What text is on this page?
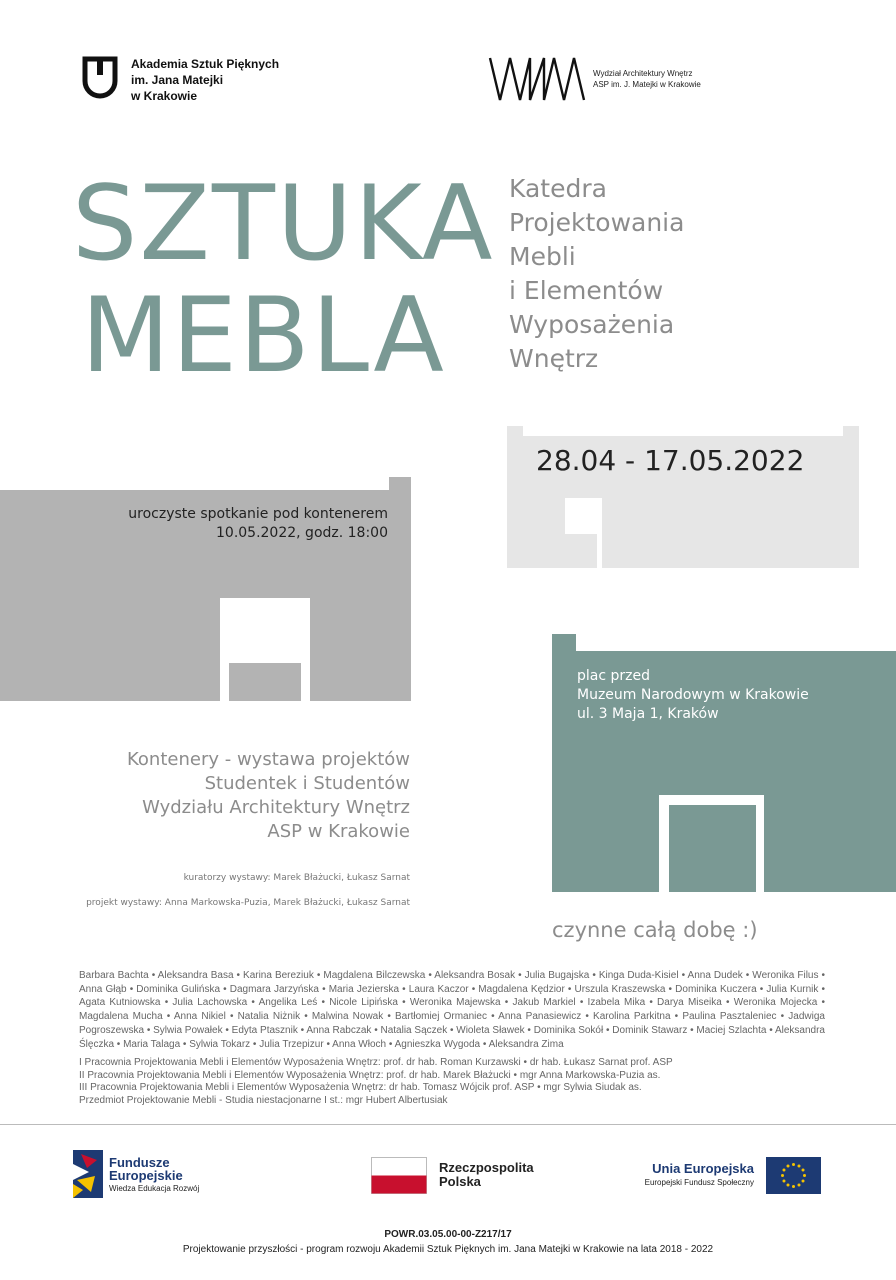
Akademia Sztuk Pięknych
im. Jana Matejki
w Krakowie
Wydział Architektury Wnętrz
ASP im. J. Matejki w Krakowie
SZTUKA
MEBLA
Katedra
Projektowania
Mebli
i Elementów
Wyposażenia
Wnętrz
28.04 - 17.05.2022
uroczyste spotkanie pod kontenerem
10.05.2022, godz. 18:00
plac przed
Muzeum Narodowym w Krakowie
ul. 3 Maja 1, Kraków
Kontenery - wystawa projektów
Studentek i Studentów
Wydziału Architektury Wnętrz
ASP w Krakowie
kuratorzy wystawy: Marek Błażucki, Łukasz Sarnat
projekt wystawy: Anna Markowska-Puzia, Marek Błażucki, Łukasz Sarnat
czynne całą dobę :)
Barbara Bachta • Aleksandra Basa • Karina Bereziuk • Magdalena Bilczewska • Aleksandra Bosak • Julia Bugajska • Kinga Duda-Kisiel • Anna Dudek • Weronika Filus • Anna Głąb • Dominika Gulińska • Dagmara Jarzyńska • Maria Jezierska • Laura Kaczor • Magdalena Kędzior • Urszula Kraszewska • Dominika Kuczera • Julia Kurnik • Agata Kutniowska • Julia Lachowska • Angelika Leś • Nicole Lipińska • Weronika Majewska • Jakub Markiel • Izabela Mika • Darya Miseika • Weronika Mojecka • Magdalena Mucha • Anna Nikiel • Natalia Niżnik • Malwina Nowak • Bartłomiej Ormaniec • Anna Panasiewicz • Karolina Parkitna • Paulina Pasztaleniec • Jadwiga Pogroszewska • Sylwia Powałek • Edyta Ptasznik • Anna Rabczak • Natalia Sączek • Wioleta Sławek • Dominika Sokół • Dominik Stawarz • Maciej Szlachta • Aleksandra Ślęczka • Maria Talaga • Sylwia Tokarz • Julia Trzepizur • Anna Włoch • Agnieszka Wygoda • Aleksandra Zima
I Pracownia Projektowania Mebli i Elementów Wyposażenia Wnętrz: prof. dr hab. Roman Kurzawski • dr hab. Łukasz Sarnat prof. ASP
II Pracownia Projektowania Mebli i Elementów Wyposażenia Wnętrz: prof. dr hab. Marek Błażucki • mgr Anna Markowska-Puzia as.
III Pracownia Projektowania Mebli i Elementów Wyposażenia Wnętrz: dr hab. Tomasz Wójcik prof. ASP • mgr Sylwia Siudak as.
Przedmiot Projektowanie Mebli - Studia niestacjonarne I st.: mgr Hubert Albertusiak
Fundusze
Europejskie
Wiedza Edukacja Rozwój
Rzeczpospolita
Polska
Unia Europejska
Europejski Fundusz Społeczny
POWR.03.05.00-00-Z217/17
Projektowanie przyszłości - program rozwoju Akademii Sztuk Pięknych im. Jana Matejki w Krakowie na lata 2018 - 2022
